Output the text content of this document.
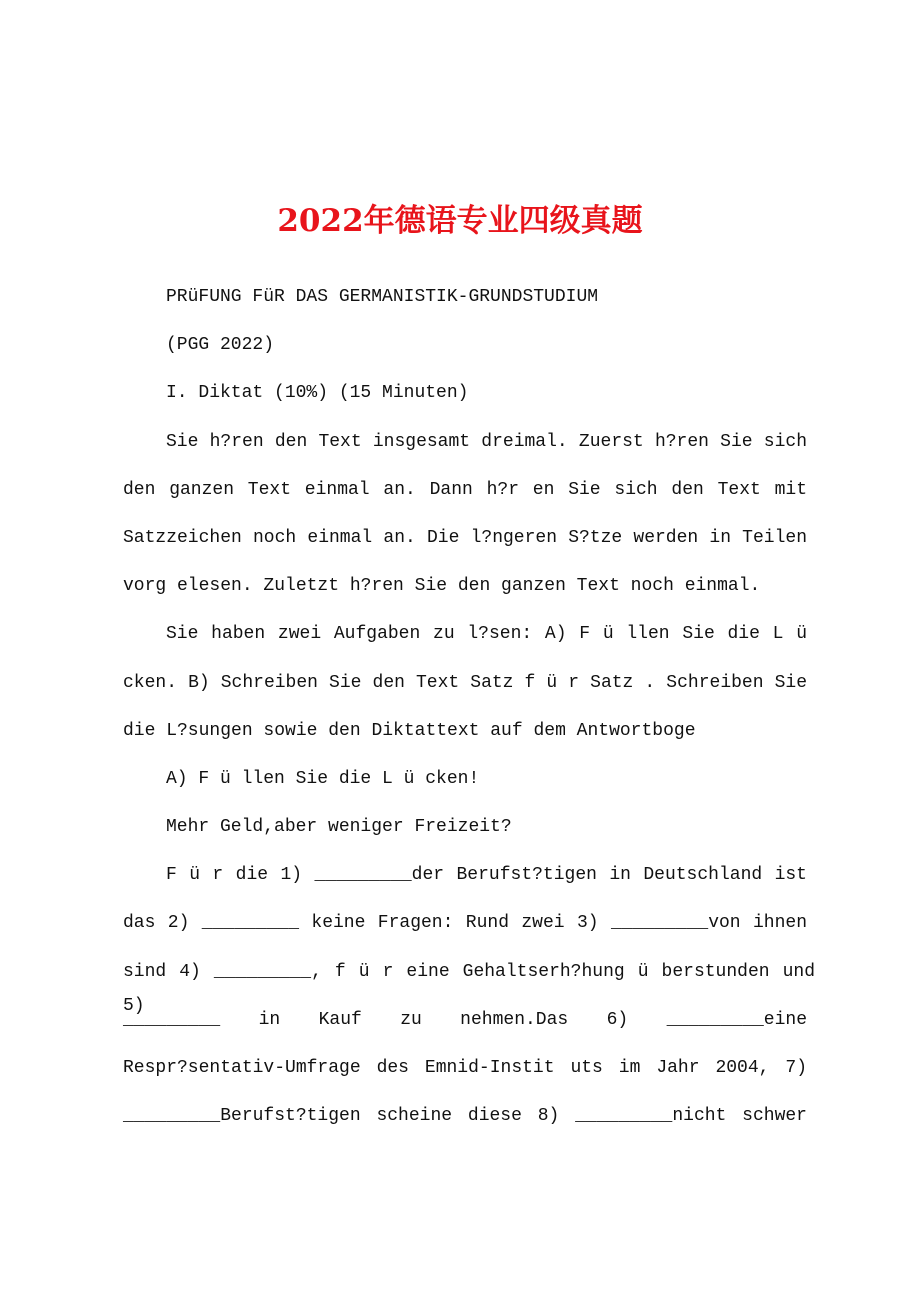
2022年德语专业四级真题
PRüFUNG FüR DAS GERMANISTIK-GRUNDSTUDIUM
(PGG 2022)
I. Diktat (10%) (15 Minuten)
Sie h?ren den Text insgesamt dreimal. Zuerst h?ren Sie sich
den ganzen Text einmal an. Dann h?r en Sie sich den Text mit
Satzzeichen noch einmal an. Die l?ngeren S?tze werden in Teilen
vorg elesen. Zuletzt h?ren Sie den ganzen Text noch einmal.
Sie haben zwei Aufgaben zu l?sen: A) F ü llen Sie die L ü
cken. B) Schreiben Sie den Text Satz f ü r Satz . Schreiben Sie
die L?sungen sowie den Diktattext auf dem Antwortboge
A) F ü llen Sie die L ü cken!
Mehr Geld,aber weniger Freizeit?
F ü r die 1) _________der Berufst?tigen in Deutschland ist
das 2) _________ keine Fragen: Rund zwei 3) _________von ihnen
sind 4) _________, f ü r eine Gehaltserh?hung ü berstunden und 5)
_________ in Kauf zu nehmen.Das 6) _________eine
Respr?sentativ-Umfrage des Emnid-Instit uts im Jahr 2004, 7)
_________Berufst?tigen scheine diese 8) _________nicht schwer
